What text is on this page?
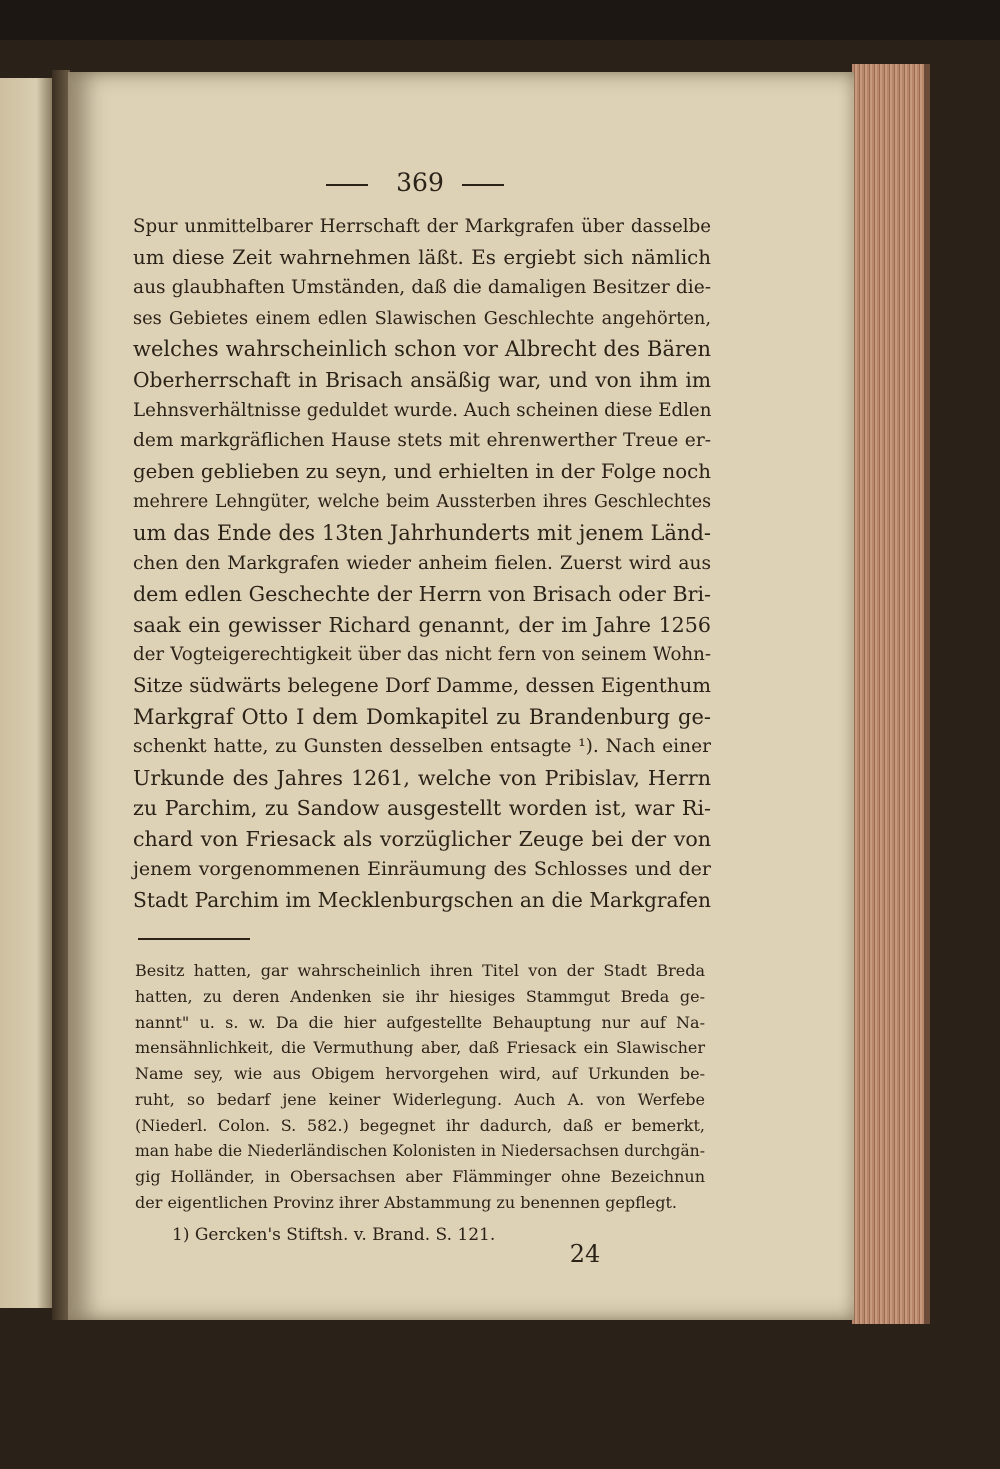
369
Spur unmittelbarer Herrschaft der Markgrafen über dasselbe
um diese Zeit wahrnehmen läßt. Es ergiebt sich nämlich
aus glaubhaften Umständen, daß die damaligen Besitzer die-
ses Gebietes einem edlen Slawischen Geschlechte angehörten,
welches wahrscheinlich schon vor Albrecht des Bären
Oberherrschaft in Brisach ansäßig war, und von ihm im
Lehnsverhältnisse geduldet wurde. Auch scheinen diese Edlen
dem markgräflichen Hause stets mit ehrenwerther Treue er-
geben geblieben zu seyn, und erhielten in der Folge noch
mehrere Lehngüter, welche beim Aussterben ihres Geschlechtes
um das Ende des 13ten Jahrhunderts mit jenem Länd-
chen den Markgrafen wieder anheim fielen. Zuerst wird aus
dem edlen Geschechte der Herrn von Brisach oder Bri-
saak ein gewisser Richard genannt, der im Jahre 1256
der Vogteigerechtigkeit über das nicht fern von seinem Wohn-
Sitze südwärts belegene Dorf Damme, dessen Eigenthum
Markgraf Otto I dem Domkapitel zu Brandenburg ge-
schenkt hatte, zu Gunsten desselben entsagte ¹). Nach einer
Urkunde des Jahres 1261, welche von Pribislav, Herrn
zu Parchim, zu Sandow ausgestellt worden ist, war Ri-
chard von Friesack als vorzüglicher Zeuge bei der von
jenem vorgenommenen Einräumung des Schlosses und der
Stadt Parchim im Mecklenburgschen an die Markgrafen
Besitz hatten, gar wahrscheinlich ihren Titel von der Stadt Breda
hatten, zu deren Andenken sie ihr hiesiges Stammgut Breda ge-
nannt" u. s. w. Da die hier aufgestellte Behauptung nur auf Na-
mensähnlichkeit, die Vermuthung aber, daß Friesack ein Slawischer
Name sey, wie aus Obigem hervorgehen wird, auf Urkunden be-
ruht, so bedarf jene keiner Widerlegung. Auch A. von Werfebe
(Niederl. Colon. S. 582.) begegnet ihr dadurch, daß er bemerkt,
man habe die Niederländischen Kolonisten in Niedersachsen durchgän-
gig Holländer, in Obersachsen aber Flämminger ohne Bezeichnun
der eigentlichen Provinz ihrer Abstammung zu benennen gepflegt.
1) Gercken's Stiftsh. v. Brand. S. 121.
24
